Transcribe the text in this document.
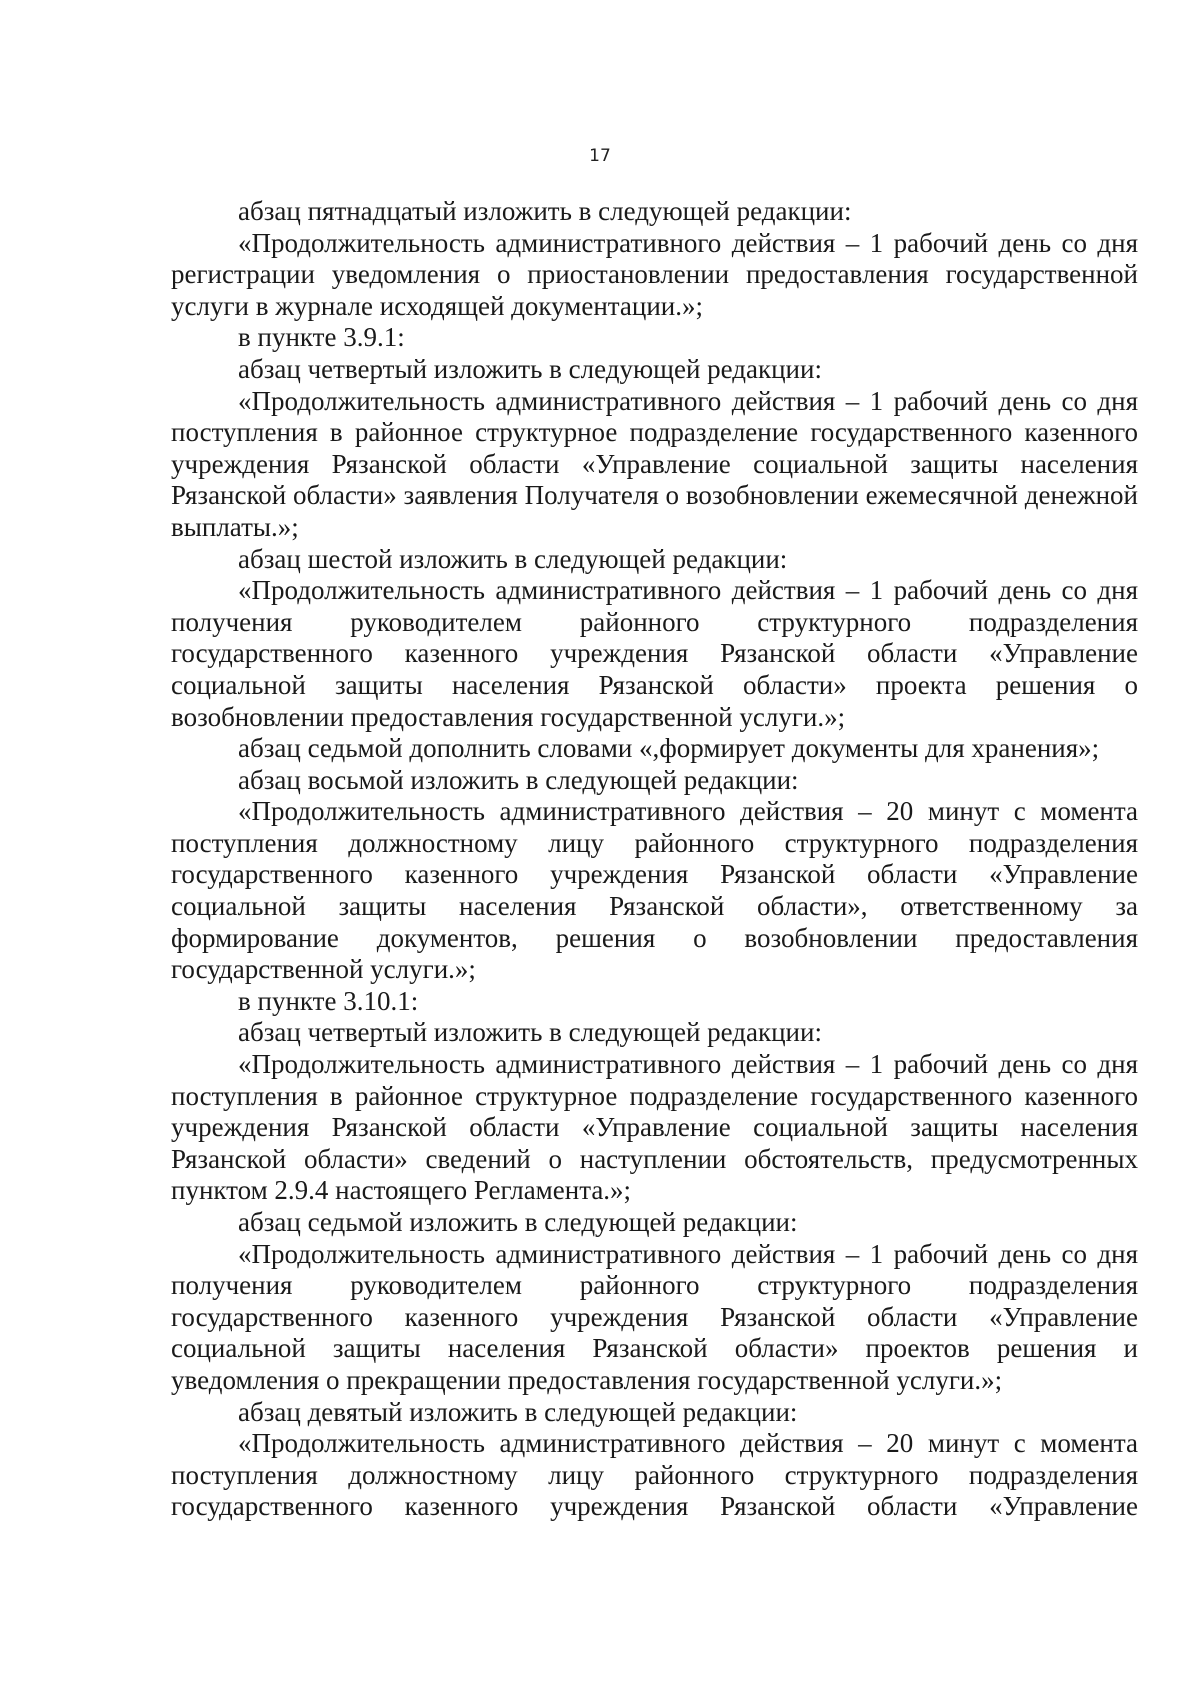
17

абзац пятнадцатый изложить в следующей редакции:

«Продолжительность административного действия – 1 рабочий день со дня регистрации уведомления о приостановлении предоставления государственной услуги в журнале исходящей документации.»;

в пункте 3.9.1:

абзац четвертый изложить в следующей редакции:

«Продолжительность административного действия – 1 рабочий день со дня поступления в районное структурное подразделение государственного казенного учреждения Рязанской области «Управление социальной защиты населения Рязанской области» заявления Получателя о возобновлении ежемесячной денежной выплаты.»;

абзац шестой изложить в следующей редакции:

«Продолжительность административного действия – 1 рабочий день со дня получения руководителем районного структурного подразделения государственного казенного учреждения Рязанской области «Управление социальной защиты населения Рязанской области» проекта решения о возобновлении предоставления государственной услуги.»;

абзац седьмой дополнить словами «,формирует документы для хранения»;

абзац восьмой изложить в следующей редакции:

«Продолжительность административного действия – 20 минут с момента поступления должностному лицу районного структурного подразделения государственного казенного учреждения Рязанской области «Управление социальной защиты населения Рязанской области», ответственному за формирование документов, решения о возобновлении предоставления государственной услуги.»;

в пункте 3.10.1:

абзац четвертый изложить в следующей редакции:

«Продолжительность административного действия – 1 рабочий день со дня поступления в районное структурное подразделение государственного казенного учреждения Рязанской области «Управление социальной защиты населения Рязанской области» сведений о наступлении обстоятельств, предусмотренных пунктом 2.9.4 настоящего Регламента.»;

абзац седьмой изложить в следующей редакции:

«Продолжительность административного действия – 1 рабочий день со дня получения руководителем районного структурного подразделения государственного казенного учреждения Рязанской области «Управление социальной защиты населения Рязанской области» проектов решения и уведомления о прекращении предоставления государственной услуги.»;

абзац девятый изложить в следующей редакции:

«Продолжительность административного действия – 20 минут с момента поступления должностному лицу районного структурного подразделения государственного казенного учреждения Рязанской области «Управление
